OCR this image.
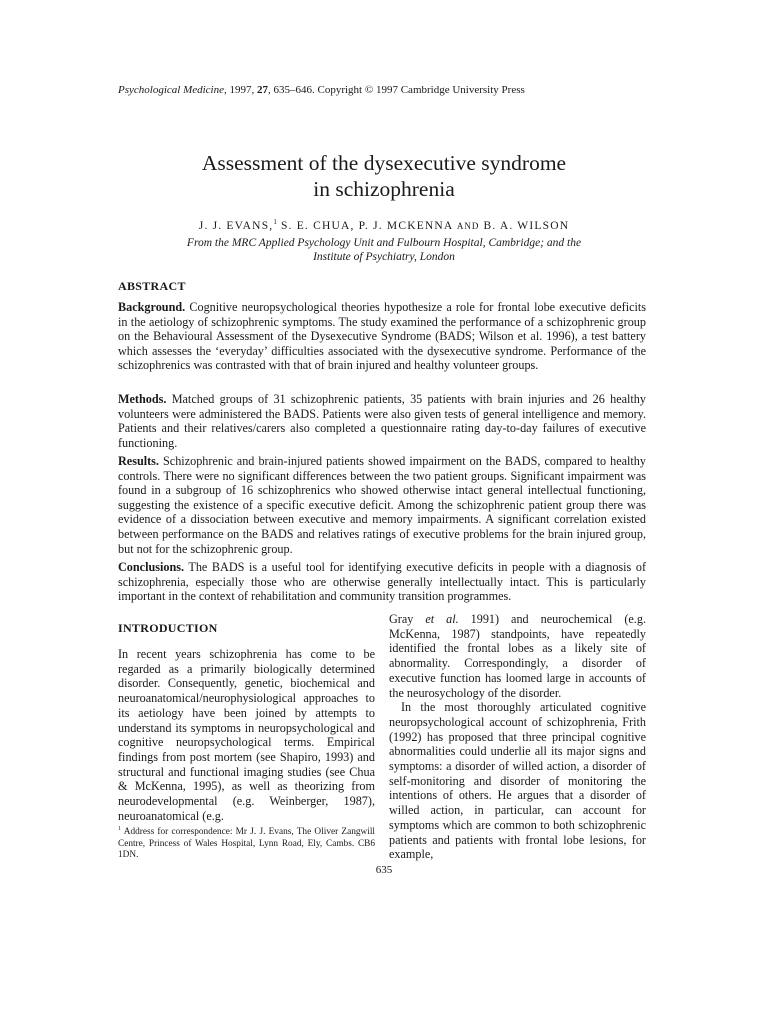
Psychological Medicine, 1997, 27, 635–646. Copyright © 1997 Cambridge University Press
Assessment of the dysexecutive syndrome
in schizophrenia
J. J. EVANS,$^1$ S. E. CHUA, P. J. MCKENNA AND B. A. WILSON
From the MRC Applied Psychology Unit and Fulbourn Hospital, Cambridge; and the
Institute of Psychiatry, London
ABSTRACT

Background. Cognitive neuropsychological theories hypothesize a role for frontal lobe executive deficits in the aetiology of schizophrenic symptoms. The study examined the performance of a schizophrenic group on the Behavioural Assessment of the Dysexecutive Syndrome (BADS; Wilson et al. 1996), a test battery which assesses the ‘everyday’ difficulties associated with the dysexecutive syndrome. Performance of the schizophrenics was contrasted with that of brain injured and healthy volunteer groups.

Methods. Matched groups of 31 schizophrenic patients, 35 patients with brain injuries and 26 healthy volunteers were administered the BADS. Patients were also given tests of general intelligence and memory. Patients and their relatives/carers also completed a questionnaire rating day-to-day failures of executive functioning.

Results. Schizophrenic and brain-injured patients showed impairment on the BADS, compared to healthy controls. There were no significant differences between the two patient groups. Significant impairment was found in a subgroup of 16 schizophrenics who showed otherwise intact general intellectual functioning, suggesting the existence of a specific executive deficit. Among the schizophrenic patient group there was evidence of a dissociation between executive and memory impairments. A significant correlation existed between performance on the BADS and relatives ratings of executive problems for the brain injured group, but not for the schizophrenic group.

Conclusions. The BADS is a useful tool for identifying executive deficits in people with a diagnosis of schizophrenia, especially those who are otherwise generally intellectually intact. This is particularly important in the context of rehabilitation and community transition programmes.

INTRODUCTION

In recent years schizophrenia has come to be regarded as a primarily biologically determined disorder. Consequently, genetic, biochemical and neuroanatomical/neurophysiological approaches to its aetiology have been joined by attempts to understand its symptoms in neuropsychological and cognitive neuropsychological terms. Empirical findings from post mortem (see Shapiro, 1993) and structural and functional imaging studies (see Chua & McKenna, 1995), as well as theorizing from neurodevelopmental (e.g. Weinberger, 1987), neuroanatomical (e.g.

Gray et al. 1991) and neurochemical (e.g. McKenna, 1987) standpoints, have repeatedly identified the frontal lobes as a likely site of abnormality. Correspondingly, a disorder of executive function has loomed large in accounts of the neurosychology of the disorder.
In the most thoroughly articulated cognitive neuropsychological account of schizophrenia, Frith (1992) has proposed that three principal cognitive abnormalities could underlie all its major signs and symptoms: a disorder of willed action, a disorder of self-monitoring and disorder of monitoring the intentions of others. He argues that a disorder of willed action, in particular, can account for symptoms which are common to both schizophrenic patients and patients with frontal lobe lesions, for example,

$^1$ Address for correspondence: Mr J. J. Evans, The Oliver Zangwill Centre, Princess of Wales Hospital, Lynn Road, Ely, Cambs. CB6 1DN.

635
